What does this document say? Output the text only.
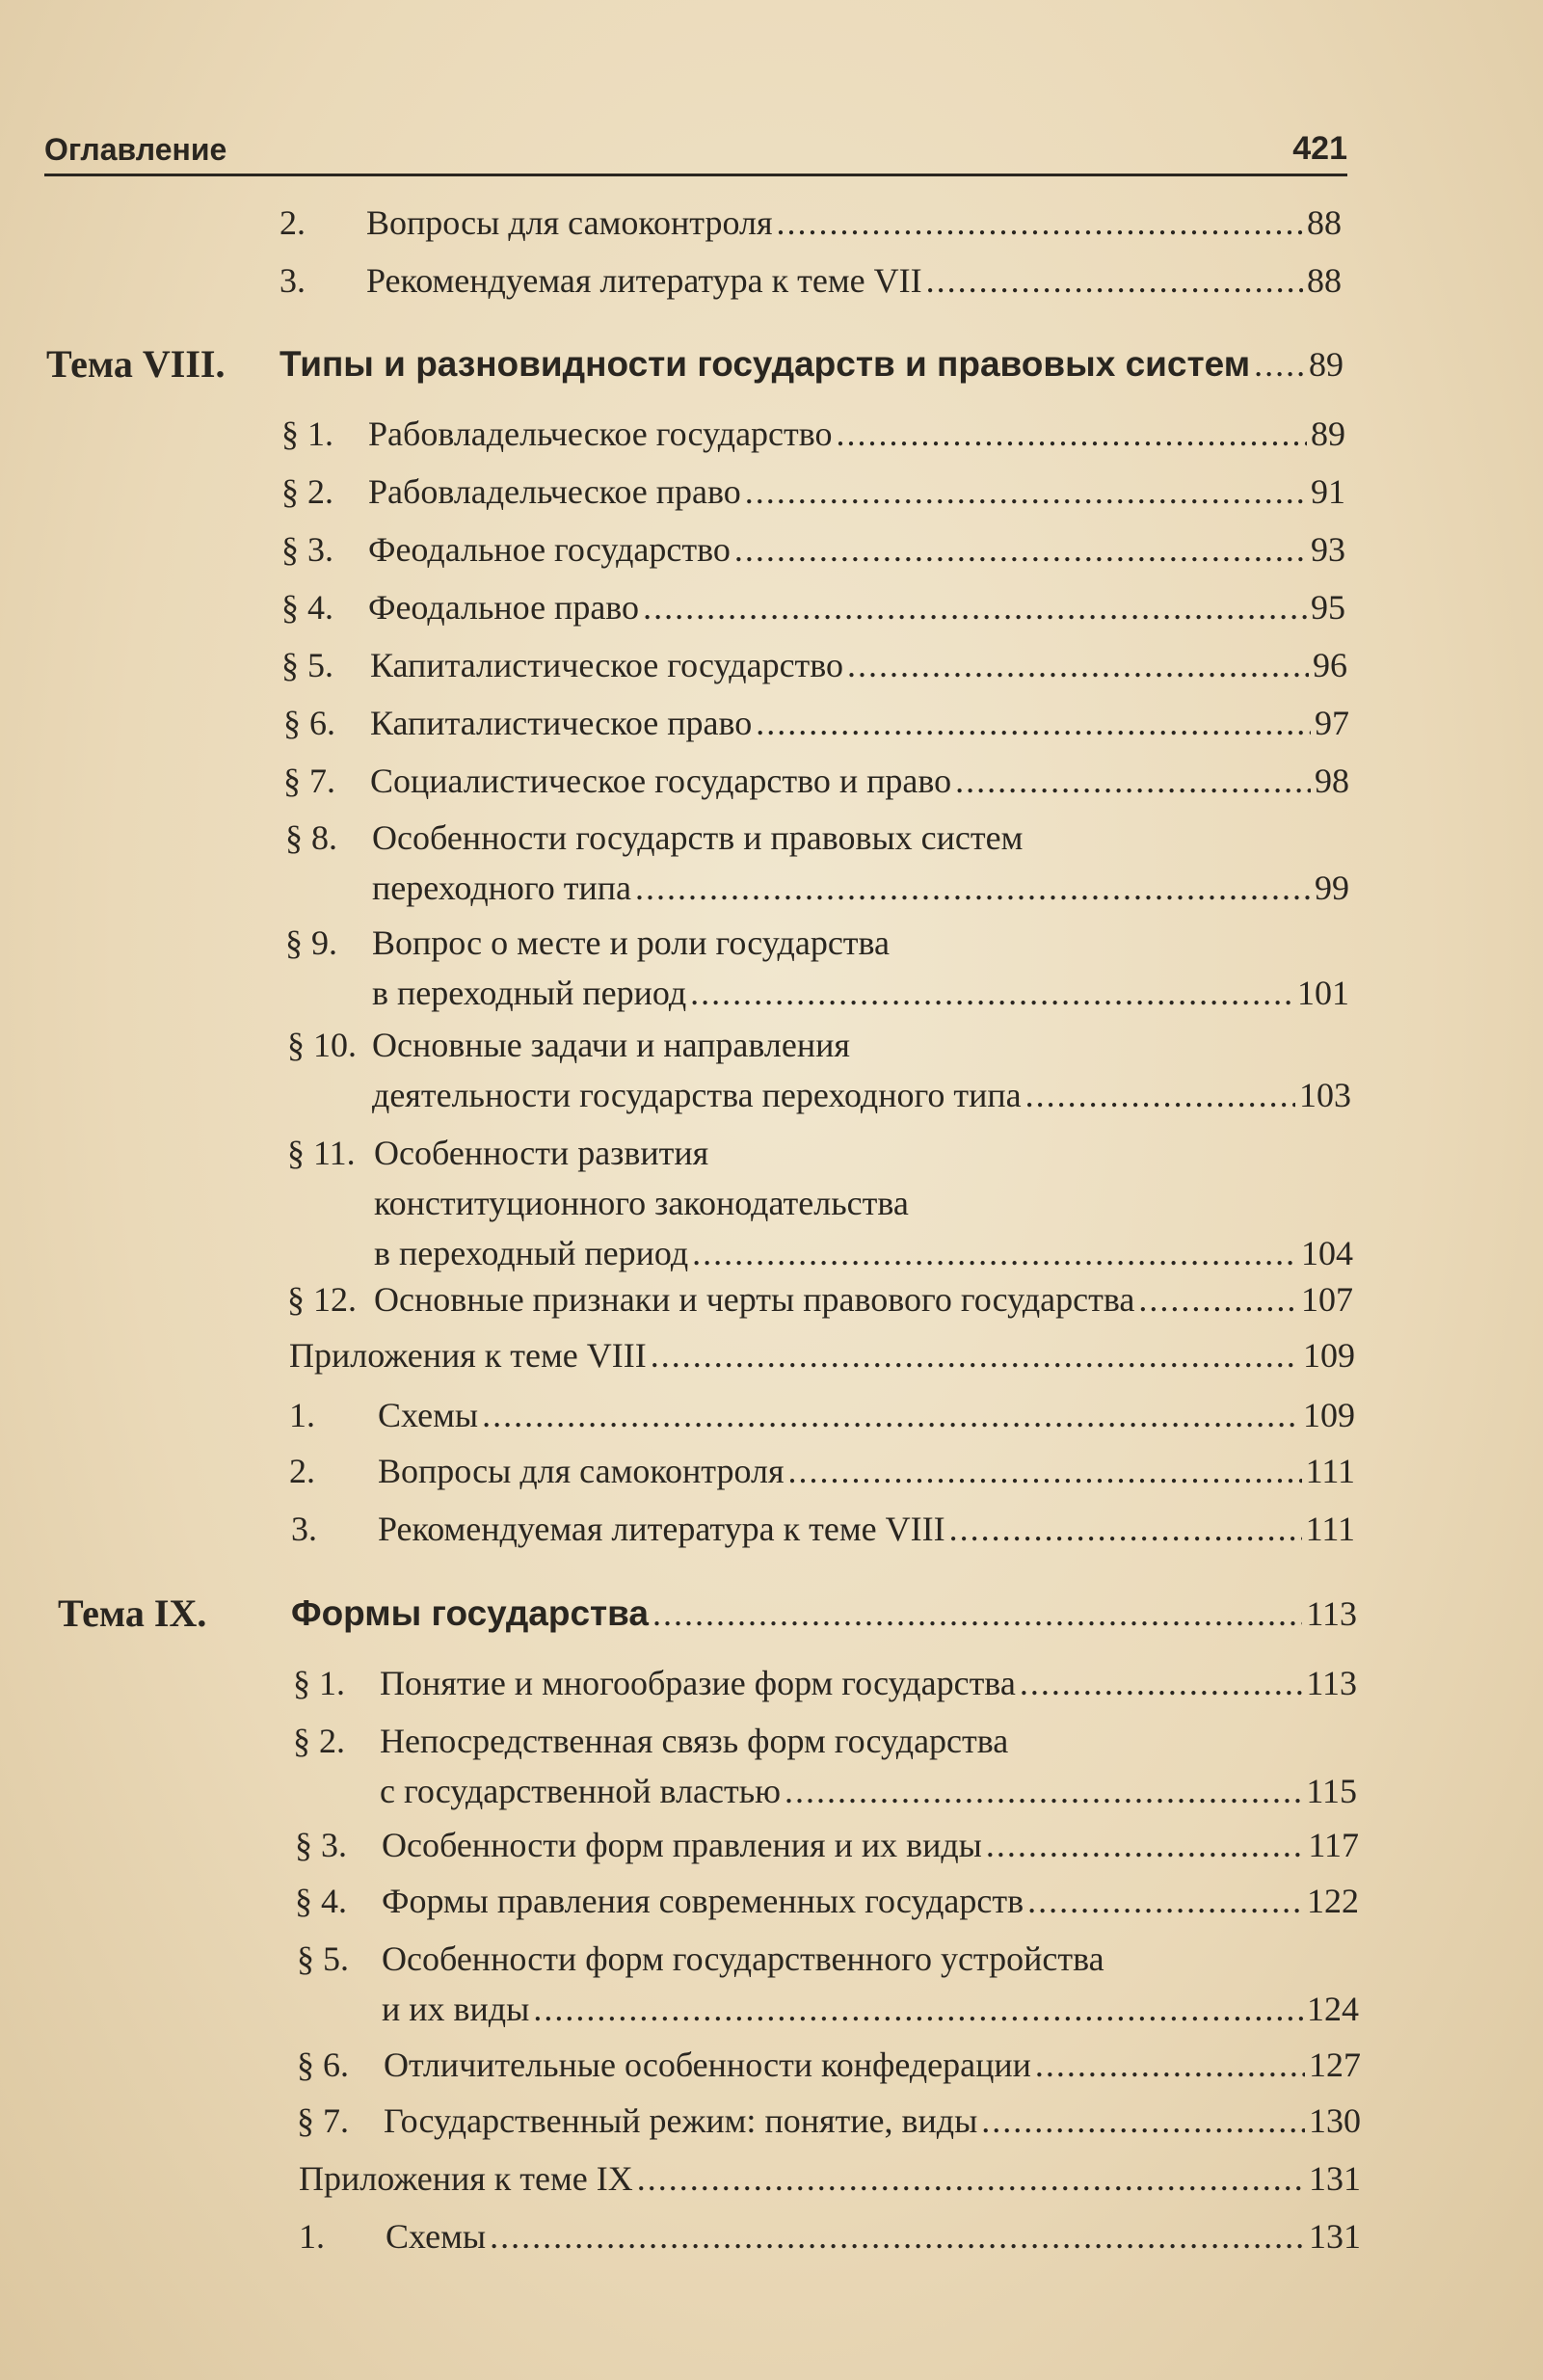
Оглавление	421
2. Вопросы для самоконтроля .....	88
3. Рекомендуемая литература к теме VII .....	88
Тема VIII. Типы и разновидности государств и правовых систем ..... 89
§ 1. Рабовладельческое государство .....	89
§ 2. Рабовладельческое право .....	91
§ 3. Феодальное государство .....	93
§ 4. Феодальное право .....	95
§ 5. Капиталистическое государство .....	96
§ 6. Капиталистическое право .....	97
§ 7. Социалистическое государство и право .....	98
§ 8. Особенности государств и правовых систем
переходного типа .....	99
§ 9. Вопрос о месте и роли государства
в переходный период .....	101
§ 10. Основные задачи и направления
деятельности государства переходного типа .....	103
§ 11. Особенности развития
конституционного законодательства
в переходный период .....	104
§ 12. Основные признаки и черты правового государства .....	107
Приложения к теме VIII .....	109
1. Схемы .....	109
2. Вопросы для самоконтроля .....	111
3. Рекомендуемая литература к теме VIII .....	111
Тема IX. Формы государства .....	113
§ 1. Понятие и многообразие форм государства .....	113
§ 2. Непосредственная связь форм государства
с государственной властью .....	115
§ 3. Особенности форм правления и их виды .....	117
§ 4. Формы правления современных государств .....	122
§ 5. Особенности форм государственного устройства
и их виды .....	124
§ 6. Отличительные особенности конфедерации .....	127
§ 7. Государственный режим: понятие, виды .....	130
Приложения к теме IX .....	131
1. Схемы .....	131
